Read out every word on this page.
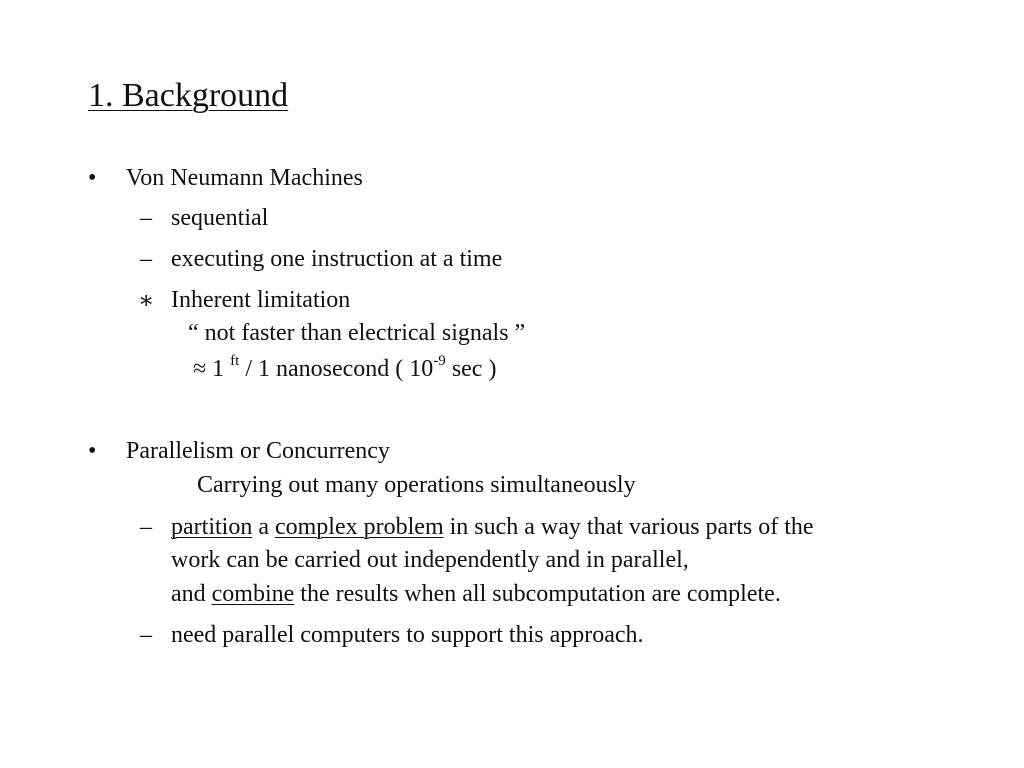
1. Background
• Von Neumann Machines
– sequential
– executing one instruction at a time
∗ Inherent limitation
“ not faster than electrical signals ”
≈ 1 $^{ft}$ / 1 nanosecond ( $10^{-9}$ sec )
• Parallelism or Concurrency
Carrying out many operations simultaneously
– partition a complex problem in such a way that various parts of the
work can be carried out independently and in parallel,
and combine the results when all subcomputation are complete.
– need parallel computers to support this approach.
